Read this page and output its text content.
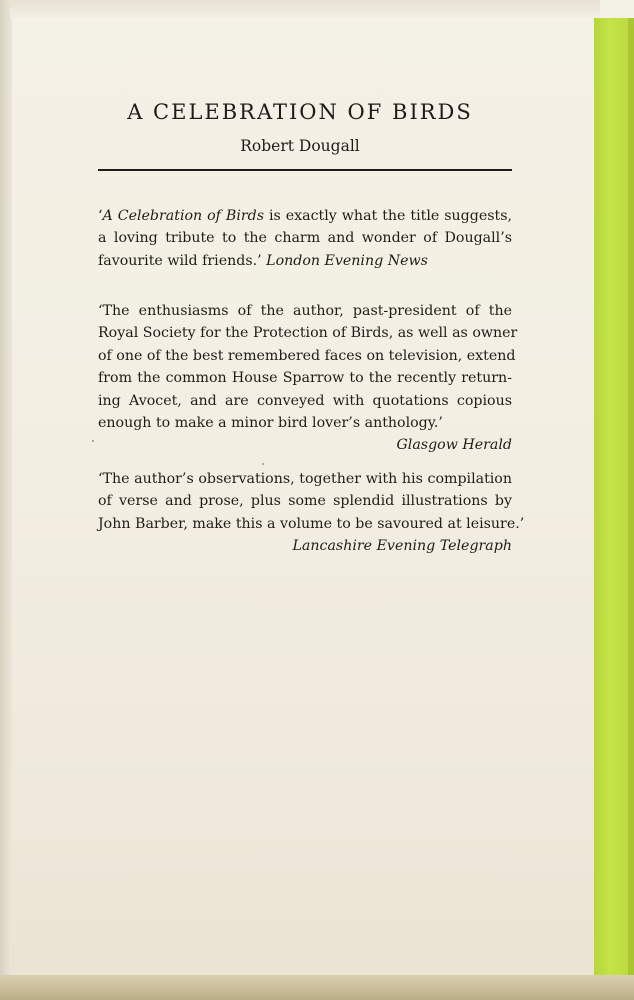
A CELEBRATION OF BIRDS
Robert Dougall
‘A Celebration of Birds is exactly what the title suggests,
a loving tribute to the charm and wonder of Dougall’s
favourite wild friends.’ London Evening News
‘The enthusiasms of the author, past-president of the
Royal Society for the Protection of Birds, as well as owner
of one of the best remembered faces on television, extend
from the common House Sparrow to the recently return-
ing Avocet, and are conveyed with quotations copious
enough to make a minor bird lover’s anthology.’
Glasgow Herald
‘The author’s observations, together with his compilation
of verse and prose, plus some splendid illustrations by
John Barber, make this a volume to be savoured at leisure.’
Lancashire Evening Telegraph
